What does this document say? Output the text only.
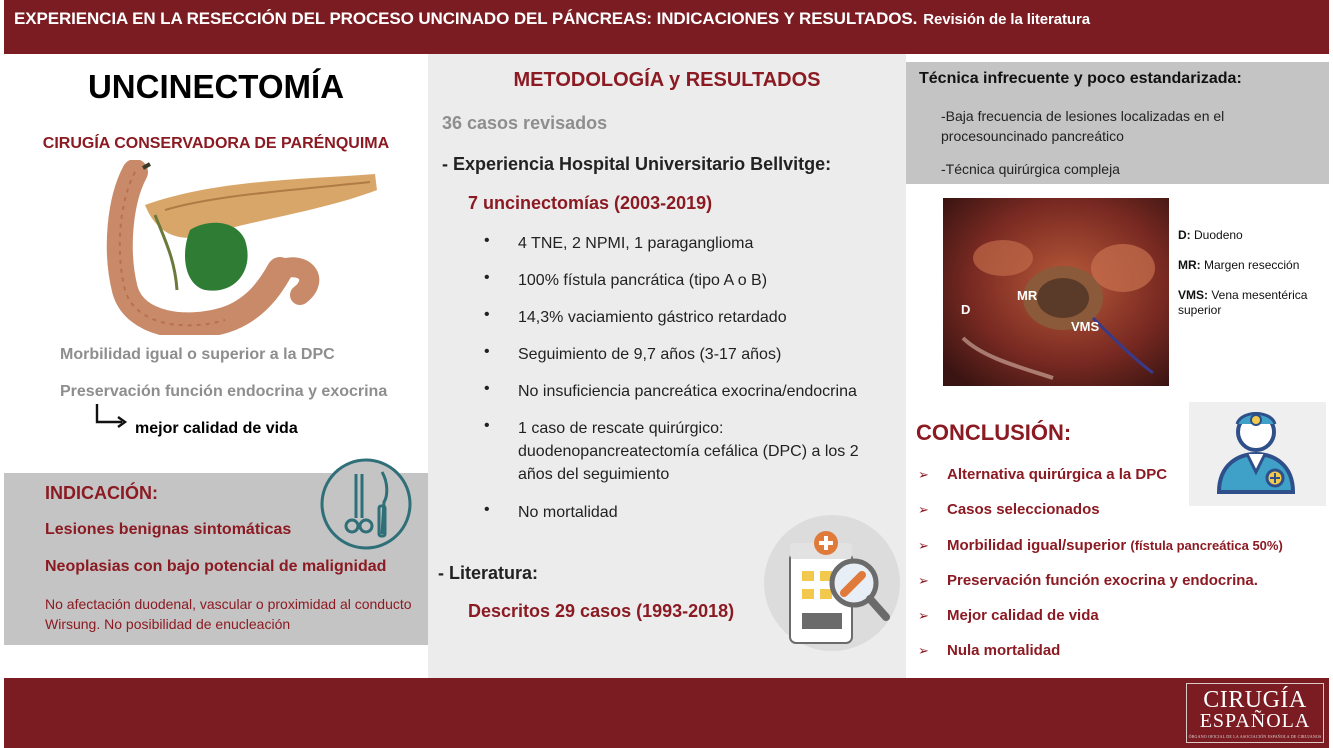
EXPERIENCIA EN LA RESECCIÓN DEL PROCESO UNCINADO DEL PÁNCREAS: INDICACIONES Y RESULTADOS. Revisión de la literatura
UNCINECTOMÍA
CIRUGÍA CONSERVADORA DE PARÉNQUIMA
Morbilidad igual o superior a la DPC
Preservación función endocrina y exocrina
mejor calidad de vida
INDICACIÓN:
Lesiones benignas sintomáticas
Neoplasias con bajo potencial de malignidad
No afectación duodenal, vascular o proximidad al conducto Wirsung. No posibilidad de enucleación
METODOLOGÍA y RESULTADOS
36 casos revisados
- Experiencia Hospital Universitario Bellvitge:
7 uncinectomías (2003-2019)
• 4 TNE, 2 NPMI, 1 paraganglioma
• 100% fístula pancrática (tipo A o B)
• 14,3% vaciamiento gástrico retardado
• Seguimiento de 9,7 años (3-17 años)
• No insuficiencia pancreática exocrina/endocrina
• 1 caso de rescate quirúrgico: duodenopancreatectomía cefálica (DPC) a los 2 años del seguimiento
• No mortalidad
- Literatura:
Descritos 29 casos (1993-2018)
Técnica infrecuente y poco estandarizada:
-Baja frecuencia de lesiones localizadas en el procesouncinado pancreático
-Técnica quirúrgica compleja
D
MR
VMS
D: Duodeno
MR: Margen resección
VMS: Vena mesentérica superior
CONCLUSIÓN:
➢ Alternativa quirúrgica a la DPC
➢ Casos seleccionados
➢ Morbilidad igual/superior (fístula pancreática 50%)
➢ Preservación función exocrina y endocrina.
➢ Mejor calidad de vida
➢ Nula mortalidad
CIRUGÍA
ESPAÑOLA
ÓRGANO OFICIAL DE LA ASOCIACIÓN ESPAÑOLA DE CIRUJANOS
